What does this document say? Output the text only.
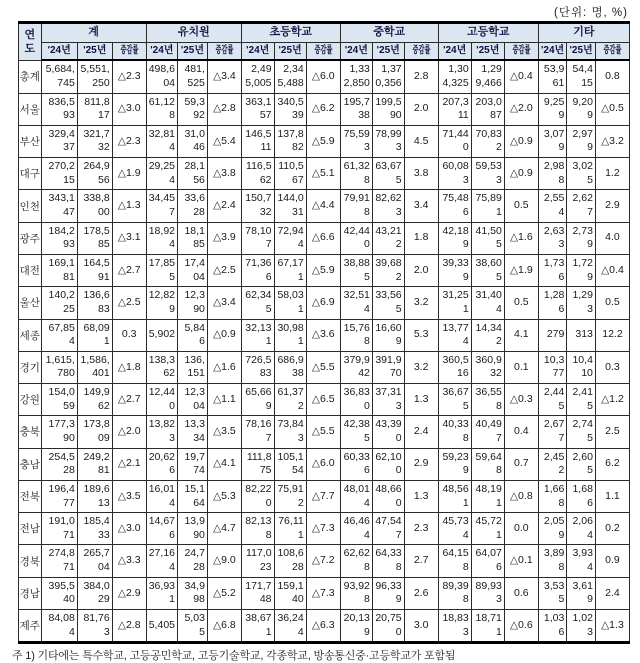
(단위: 명, %)
연도	계			유치원			초등학교			중학교			고등학교			기타		
	'24년	'25년	증감률	'24년	'25년	증감률	'24년	'25년	증감률	'24년	'25년	증감률	'24년	'25년	증감률	'24년	'25년	증감률
총계	5,684,745	5,551,250	△2.3	498,604	481,525	△3.4	2,495,005	2,345,488	△6.0	1,332,850	1,370,356	2.8	1,304,325	1,299,466	△0.4	53,961	54,415	0.8
서울	836,593	811,817	△3.0	61,128	59,392	△2.8	363,157	340,539	△6.2	195,738	199,590	2.0	207,311	203,087	△2.0	9,259	9,209	△0.5
부산	329,437	321,732	△2.3	32,814	31,046	△5.4	146,511	137,882	△5.9	75,593	78,993	4.5	71,440	70,832	△0.9	3,079	2,979	△3.2
대구	270,215	264,956	△1.9	29,254	28,156	△3.8	116,562	110,567	△5.1	61,328	63,675	3.8	60,083	59,533	△0.9	2,988	3,025	1.2
인천	343,147	338,800	△1.3	34,457	33,628	△2.4	150,732	144,031	△4.4	79,918	82,623	3.4	75,486	75,891	0.5	2,554	2,627	2.9
광주	184,293	178,585	△3.1	18,924	18,185	△3.9	78,107	72,944	△6.6	42,440	43,212	1.8	42,189	41,505	△1.6	2,633	2,739	4.0
대전	169,181	164,591	△2.7	17,855	17,404	△2.5	71,366	67,171	△5.9	38,885	39,682	2.0	39,339	38,605	△1.9	1,736	1,729	△0.4
울산	140,225	136,683	△2.5	12,829	12,390	△3.4	62,345	58,031	△6.9	32,514	33,565	3.2	31,251	31,404	0.5	1,286	1,293	0.5
세종	67,854	68,091	0.3	5,902	5,846	△0.9	32,131	30,981	△3.6	15,768	16,609	5.3	13,774	14,342	4.1	279	313	12.2
경기	1,615,780	1,586,401	△1.8	138,362	136,151	△1.6	726,583	686,938	△5.5	379,942	391,970	3.2	360,516	360,932	0.1	10,377	10,410	0.3
강원	154,059	149,962	△2.7	12,440	12,304	△1.1	65,669	61,372	△6.5	36,830	37,313	1.3	36,675	36,558	△0.3	2,445	2,415	△1.2
충북	177,390	173,809	△2.0	13,823	13,334	△3.5	78,167	73,843	△5.5	42,385	43,390	2.4	40,338	40,497	0.4	2,677	2,745	2.5
충남	254,528	249,281	△2.1	20,626	19,774	△4.1	111,875	105,154	△6.0	60,336	62,100	2.9	59,239	59,648	0.7	2,452	2,605	6.2
전북	196,477	189,613	△3.5	16,014	15,164	△5.3	82,220	75,912	△7.7	48,014	48,660	1.3	48,561	48,191	△0.8	1,668	1,686	1.1
전남	191,071	185,433	△3.0	14,676	13,990	△4.7	82,138	76,111	△7.3	46,464	47,547	2.3	45,734	45,721	0.0	2,059	2,064	0.2
경북	274,871	265,704	△3.3	27,164	24,728	△9.0	117,023	108,628	△7.2	62,628	64,338	2.7	64,158	64,076	△0.1	3,898	3,934	0.9
경남	395,540	384,029	△2.9	36,931	34,998	△5.2	171,748	159,140	△7.3	93,928	96,339	2.6	89,398	89,933	0.6	3,535	3,619	2.4
제주	84,084	81,763	△2.8	5,405	5,035	△6.8	38,671	36,244	△6.3	20,139	20,750	3.0	18,833	18,711	△0.6	1,036	1,023	△1.3
주 1) 기타에는 특수학교, 고등공민학교, 고등기술학교, 각종학교, 방송통신중·고등학교가 포함됨
